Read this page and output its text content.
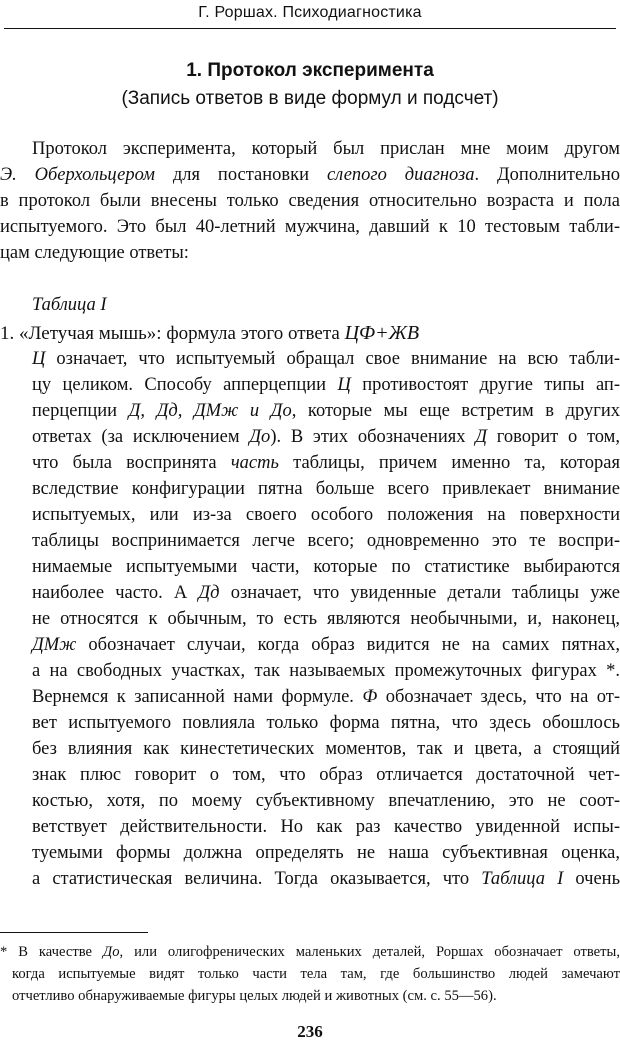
Г. Роршах. Психодиагностика
1. Протокол эксперимента
(Запись ответов в виде формул и подсчет)
Протокол эксперимента, который был прислан мне моим другом
Э. Оберхольцером для постановки слепого диагноза. Дополнительно
в протокол были внесены только сведения относительно возраста и пола
испытуемого. Это был 40-летний мужчина, давший к 10 тестовым табли-
цам следующие ответы:
Таблица I
1. «Летучая мышь»: формула этого ответа ЦФ+ЖВ
Ц означает, что испытуемый обращал свое внимание на всю табли-
цу целиком. Способу апперцепции Ц противостоят другие типы ап-
перцепции Д, Дд, ДМж и До, которые мы еще встретим в других
ответах (за исключением До). В этих обозначениях Д говорит о том,
что была воспринята часть таблицы, причем именно та, которая
вследствие конфигурации пятна больше всего привлекает внимание
испытуемых, или из-за своего особого положения на поверхности
таблицы воспринимается легче всего; одновременно это те воспри-
нимаемые испытуемыми части, которые по статистике выбираются
наиболее часто. А Дд означает, что увиденные детали таблицы уже
не относятся к обычным, то есть являются необычными, и, наконец,
ДМж обозначает случаи, когда образ видится не на самих пятнах,
а на свободных участках, так называемых промежуточных фигурах *.
Вернемся к записанной нами формуле. Ф обозначает здесь, что на от-
вет испытуемого повлияла только форма пятна, что здесь обошлось
без влияния как кинестетических моментов, так и цвета, а стоящий
знак плюс говорит о том, что образ отличается достаточной чет-
костью, хотя, по моему субъективному впечатлению, это не соот-
ветствует действительности. Но как раз качество увиденной испы-
туемыми формы должна определять не наша субъективная оценка,
а статистическая величина. Тогда оказывается, что Таблица I очень
* В качестве До, или олигофренических маленьких деталей, Роршах обозначает ответы,
когда испытуемые видят только части тела там, где большинство людей замечают
отчетливо обнаруживаемые фигуры целых людей и животных (см. с. 55—56).
236
